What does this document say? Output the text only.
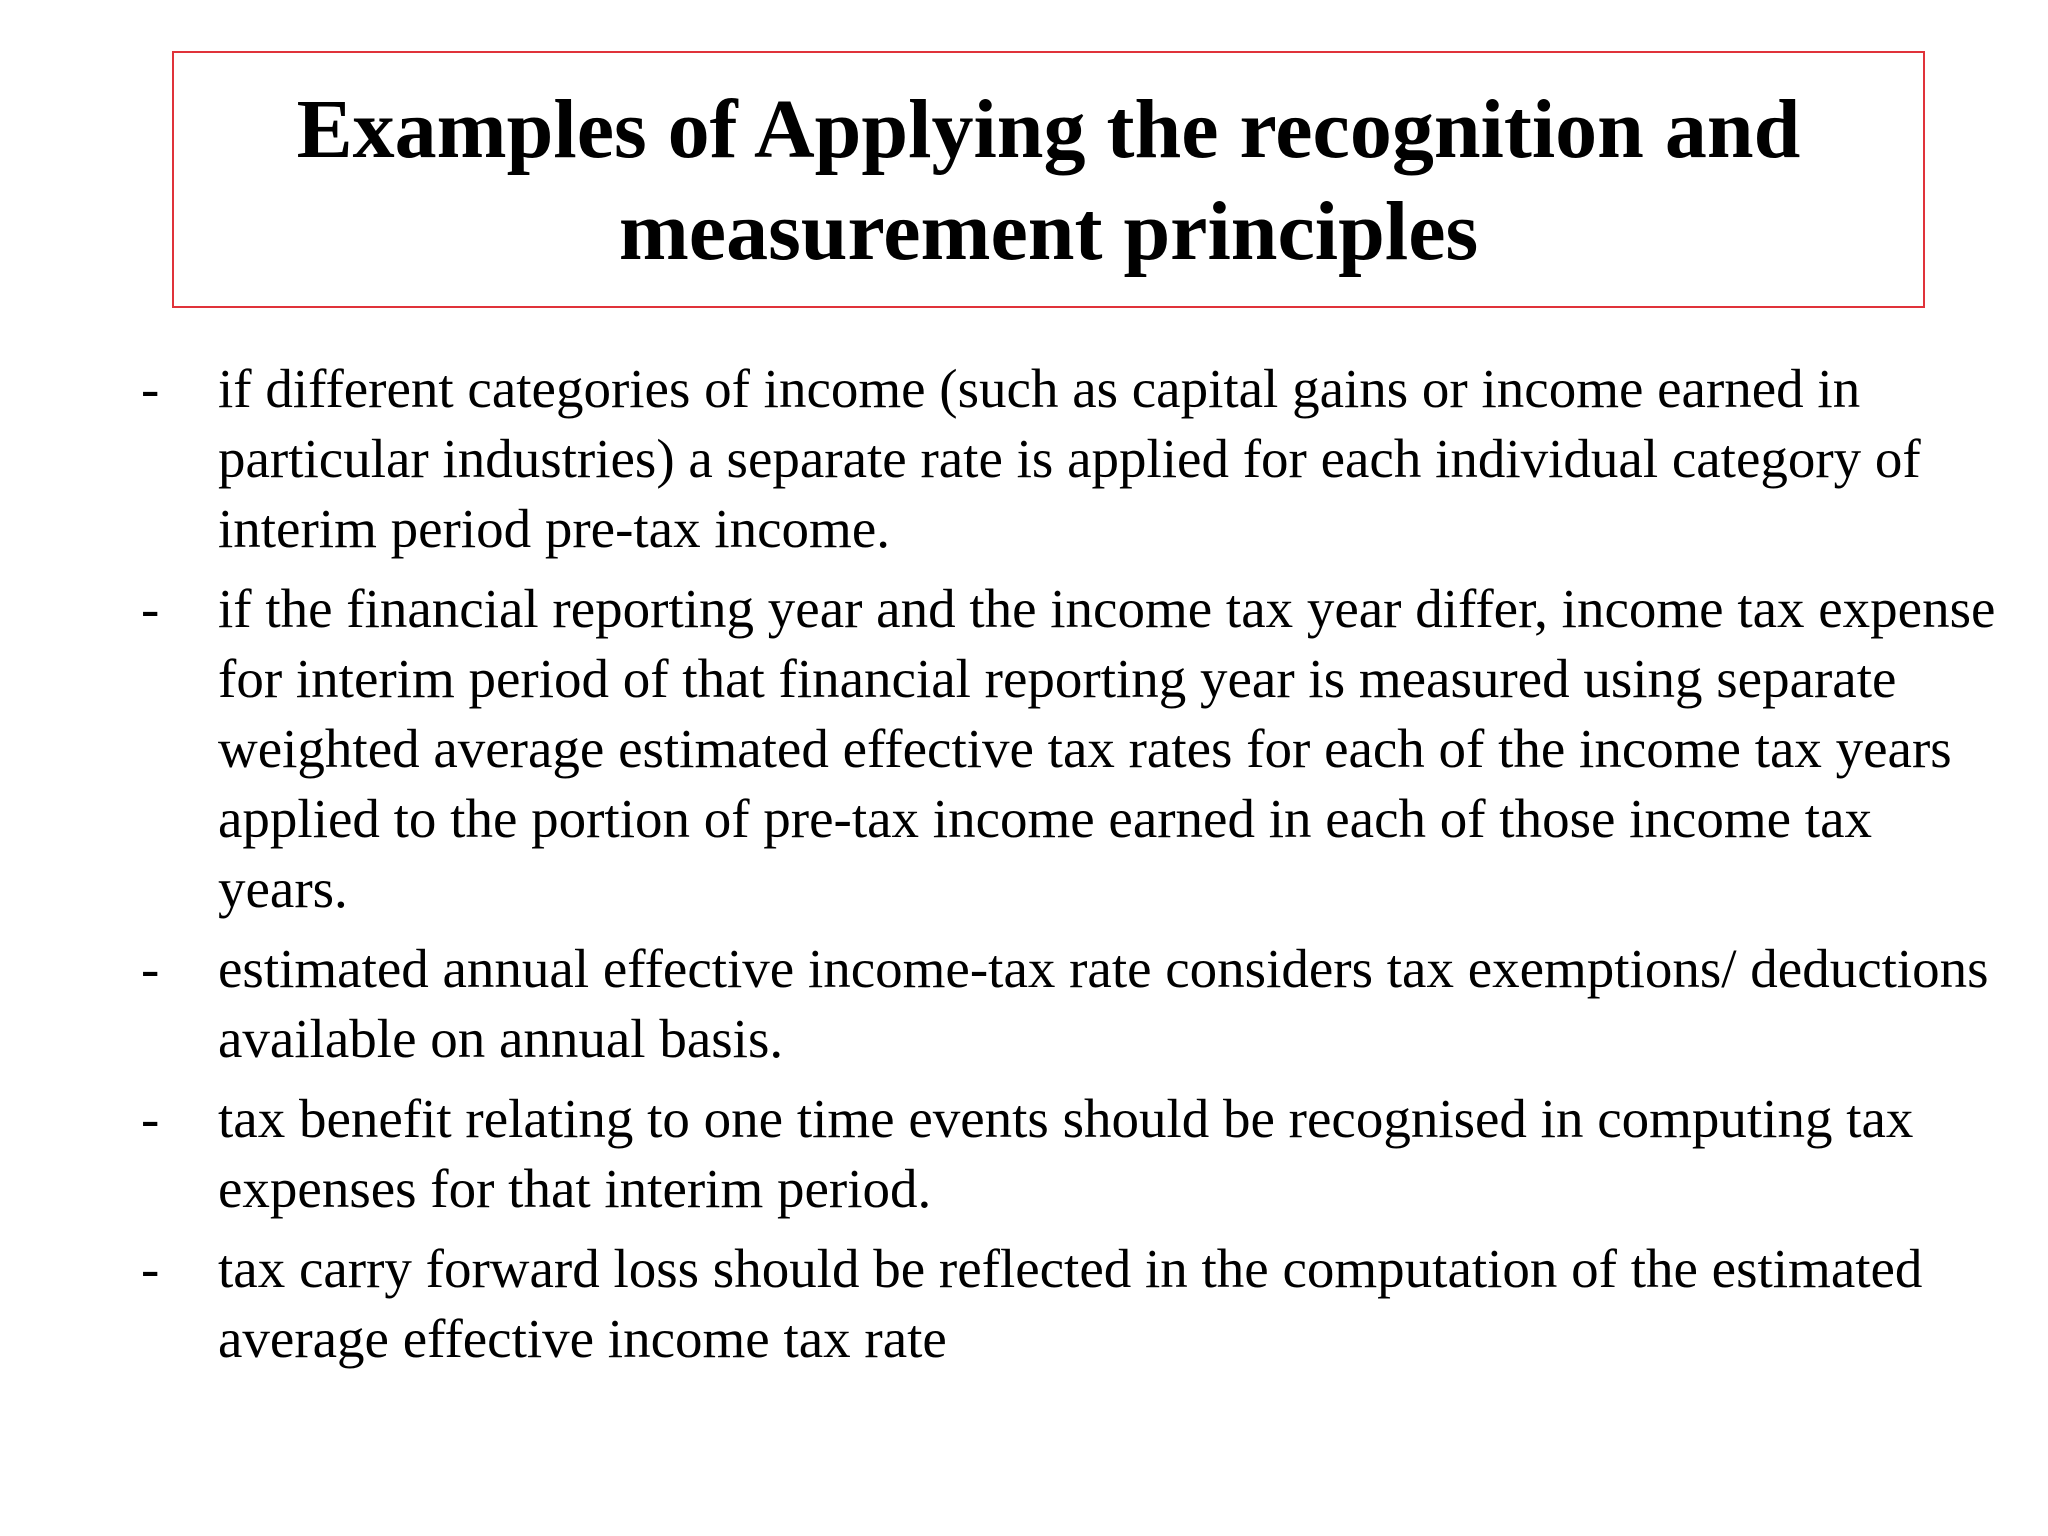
Examples of Applying the recognition and measurement principles
- if different categories of income (such as capital gains or income earned in particular industries) a separate rate is applied for each individual category of interim period pre-tax income.
- if the financial reporting year and the income tax year differ, income tax expense for interim period of that financial reporting year is measured using separate weighted average estimated effective tax rates for each of the income tax years applied to the portion of pre-tax income earned in each of those income tax years.
- estimated annual effective income-tax rate considers tax exemptions/ deductions available on annual basis.
- tax benefit relating to one time events should be recognised in computing tax expenses for that interim period.
- tax carry forward loss should be reflected in the computation of the estimated average effective income tax rate
